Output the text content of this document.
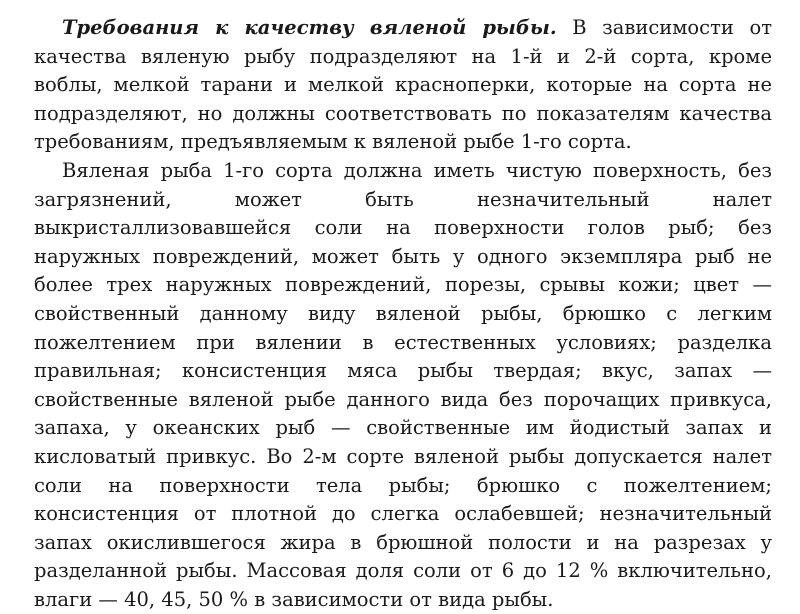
Требования к качеству вяленой рыбы. В зависимости от качества вяленую рыбу подразделяют на 1-й и 2-й сорта, кроме воблы, мелкой тарани и мелкой красноперки, которые на сорта не подразделяют, но должны соответствовать по показателям качества требованиям, предъявляемым к вяленой рыбе 1-го сорта.

Вяленая рыба 1-го сорта должна иметь чистую поверхность, без загрязнений, может быть незначительный налет выкристаллизовавшейся соли на поверхности голов рыб; без наружных повреждений, может быть у одного экземпляра рыб не более трех наружных повреждений, порезы, срывы кожи; цвет — свойственный данному виду вяленой рыбы, брюшко с легким пожелтением при вялении в естественных условиях; разделка правильная; консистенция мяса рыбы твердая; вкус, запах — свойственные вяленой рыбе данного вида без порочащих привкуса, запаха, у океанских рыб — свойственные им йодистый запах и кисловатый привкус. Во 2-м сорте вяленой рыбы допускается налет соли на поверхности тела рыбы; брюшко с пожелтением; консистенция от плотной до слегка ослабевшей; незначительный запах окислившегося жира в брюшной полости и на разрезах у разделанной рыбы. Массовая доля соли от 6 до 12 % включительно, влаги — 40, 45, 50 % в зависимости от вида рыбы.
